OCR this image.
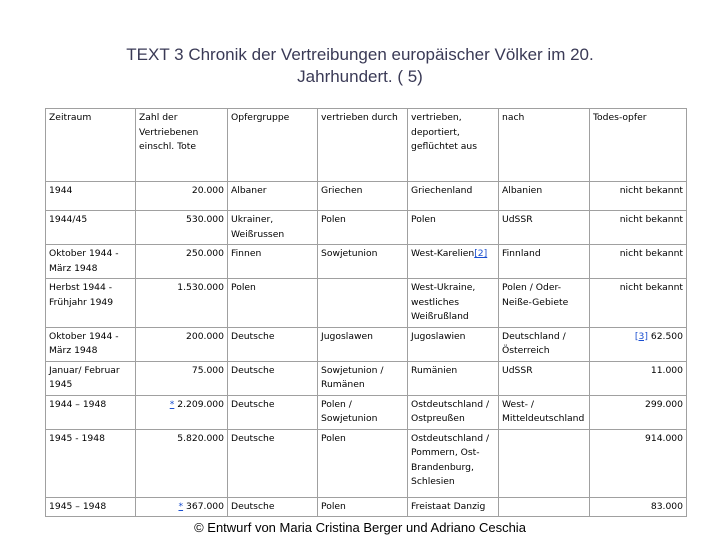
TEXT 3 Chronik der Vertreibungen europäischer Völker im 20.
Jahrhundert. ( 5)
Zeitraum	Zahl der Vertriebenen einschl. Tote	Opfergruppe	vertrieben durch	vertrieben, deportiert, geflüchtet aus	nach	Todes-opfer
1944	20.000	Albaner	Griechen	Griechenland	Albanien	nicht bekannt
1944/45	530.000	Ukrainer, Weißrussen	Polen	Polen	UdSSR	nicht bekannt
Oktober 1944 - März 1948	250.000	Finnen	Sowjetunion	West-Karelien[2]	Finnland	nicht bekannt
Herbst 1944 - Frühjahr 1949	1.530.000	Polen		West-Ukraine, westliches Weißrußland	Polen / Oder-Neiße-Gebiete	nicht bekannt
Oktober 1944 - März 1948	200.000	Deutsche	Jugoslawen	Jugoslawien	Deutschland / Österreich	[3] 62.500
Januar/ Februar 1945	75.000	Deutsche	Sowjetunion / Rumänen	Rumänien	UdSSR	11.000
1944 – 1948	* 2.209.000	Deutsche	Polen / Sowjetunion	Ostdeutschland / Ostpreußen	West- / Mitteldeutschland	299.000
1945 - 1948	5.820.000	Deutsche	Polen	Ostdeutschland / Pommern, Ost-Brandenburg, Schlesien		914.000
1945 – 1948	* 367.000	Deutsche	Polen	Freistaat Danzig		83.000
© Entwurf von Maria Cristina Berger und Adriano Ceschia
